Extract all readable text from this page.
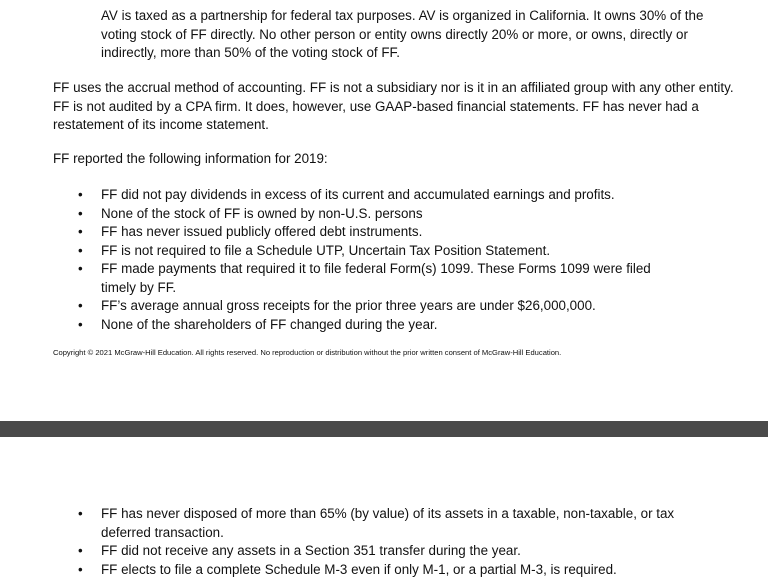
AV is taxed as a partnership for federal tax purposes. AV is organized in California. It owns 30% of the voting stock of FF directly. No other person or entity owns directly 20% or more, or owns, directly or indirectly, more than 50% of the voting stock of FF.

FF uses the accrual method of accounting. FF is not a subsidiary nor is it in an affiliated group with any other entity. FF is not audited by a CPA firm. It does, however, use GAAP-based financial statements. FF has never had a restatement of its income statement.

FF reported the following information for 2019:

•	FF did not pay dividends in excess of its current and accumulated earnings and profits.
•	None of the stock of FF is owned by non-U.S. persons
•	FF has never issued publicly offered debt instruments.
•	FF is not required to file a Schedule UTP, Uncertain Tax Position Statement.
•	FF made payments that required it to file federal Form(s) 1099. These Forms 1099 were filed timely by FF.
•	FF’s average annual gross receipts for the prior three years are under $26,000,000.
•	None of the shareholders of FF changed during the year.

Copyright © 2021 McGraw-Hill Education. All rights reserved. No reproduction or distribution without the prior written consent of McGraw-Hill Education.

•	FF has never disposed of more than 65% (by value) of its assets in a taxable, non-taxable, or tax deferred transaction.
•	FF did not receive any assets in a Section 351 transfer during the year.
•	FF elects to file a complete Schedule M-3 even if only M-1, or a partial M-3, is required.
